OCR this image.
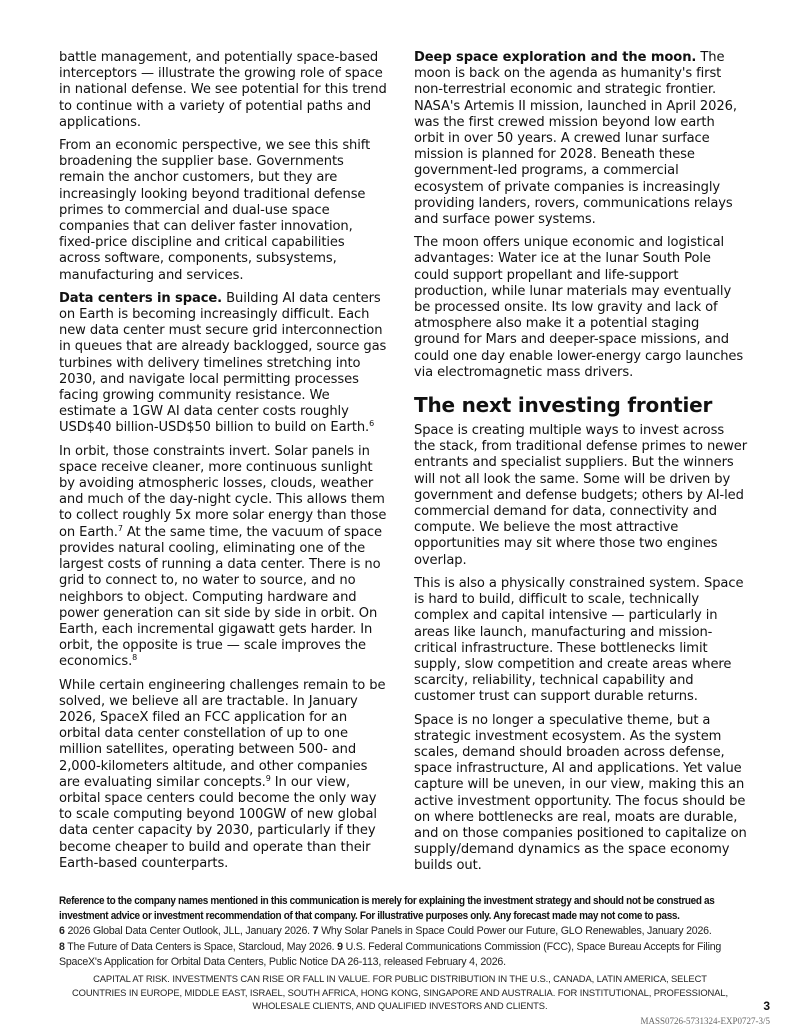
battle management, and potentially space-based interceptors — illustrate the growing role of space in national defense. We see potential for this trend to continue with a variety of potential paths and applications.

From an economic perspective, we see this shift broadening the supplier base. Governments remain the anchor customers, but they are increasingly looking beyond traditional defense primes to commercial and dual-use space companies that can deliver faster innovation, fixed-price discipline and critical capabilities across software, components, subsystems, manufacturing and services.

Data centers in space. Building AI data centers on Earth is becoming increasingly difficult. Each new data center must secure grid interconnection in queues that are already backlogged, source gas turbines with delivery timelines stretching into 2030, and navigate local permitting processes facing growing community resistance. We estimate a 1GW AI data center costs roughly USD$40 billion-USD$50 billion to build on Earth.$^6$

In orbit, those constraints invert. Solar panels in space receive cleaner, more continuous sunlight by avoiding atmospheric losses, clouds, weather and much of the day-night cycle. This allows them to collect roughly 5x more solar energy than those on Earth.$^7$ At the same time, the vacuum of space provides natural cooling, eliminating one of the largest costs of running a data center. There is no grid to connect to, no water to source, and no neighbors to object. Computing hardware and power generation can sit side by side in orbit. On Earth, each incremental gigawatt gets harder. In orbit, the opposite is true — scale improves the economics.$^8$

While certain engineering challenges remain to be solved, we believe all are tractable. In January 2026, SpaceX filed an FCC application for an orbital data center constellation of up to one million satellites, operating between 500- and 2,000-kilometers altitude, and other companies are evaluating similar concepts.$^9$ In our view, orbital space centers could become the only way to scale computing beyond 100GW of new global data center capacity by 2030, particularly if they become cheaper to build and operate than their Earth-based counterparts.

Deep space exploration and the moon. The moon is back on the agenda as humanity's first non-terrestrial economic and strategic frontier. NASA's Artemis II mission, launched in April 2026, was the first crewed mission beyond low earth orbit in over 50 years. A crewed lunar surface mission is planned for 2028. Beneath these government-led programs, a commercial ecosystem of private companies is increasingly providing landers, rovers, communications relays and surface power systems.

The moon offers unique economic and logistical advantages: Water ice at the lunar South Pole could support propellant and life-support production, while lunar materials may eventually be processed onsite. Its low gravity and lack of atmosphere also make it a potential staging ground for Mars and deeper-space missions, and could one day enable lower-energy cargo launches via electromagnetic mass drivers.

The next investing frontier

Space is creating multiple ways to invest across the stack, from traditional defense primes to newer entrants and specialist suppliers. But the winners will not all look the same. Some will be driven by government and defense budgets; others by AI-led commercial demand for data, connectivity and compute. We believe the most attractive opportunities may sit where those two engines overlap.

This is also a physically constrained system. Space is hard to build, difficult to scale, technically complex and capital intensive — particularly in areas like launch, manufacturing and mission-critical infrastructure. These bottlenecks limit supply, slow competition and create areas where scarcity, reliability, technical capability and customer trust can support durable returns.

Space is no longer a speculative theme, but a strategic investment ecosystem. As the system scales, demand should broaden across defense, space infrastructure, AI and applications. Yet value capture will be uneven, in our view, making this an active investment opportunity. The focus should be on where bottlenecks are real, moats are durable, and on those companies positioned to capitalize on supply/demand dynamics as the space economy builds out.

Reference to the company names mentioned in this communication is merely for explaining the investment strategy and should not be construed as investment advice or investment recommendation of that company. For illustrative purposes only. Any forecast made may not come to pass.
6 2026 Global Data Center Outlook, JLL, January 2026. 7 Why Solar Panels in Space Could Power our Future, GLO Renewables, January 2026.
8 The Future of Data Centers is Space, Starcloud, May 2026. 9 U.S. Federal Communications Commission (FCC), Space Bureau Accepts for Filing SpaceX's Application for Orbital Data Centers, Public Notice DA 26-113, released February 4, 2026.
CAPITAL AT RISK. INVESTMENTS CAN RISE OR FALL IN VALUE. FOR PUBLIC DISTRIBUTION IN THE U.S., CANADA, LATIN AMERICA, SELECT COUNTRIES IN EUROPE, MIDDLE EAST, ISRAEL, SOUTH AFRICA, HONG KONG, SINGAPORE AND AUSTRALIA. FOR INSTITUTIONAL, PROFESSIONAL, WHOLESALE CLIENTS, AND QUALIFIED INVESTORS AND CLIENTS.	3
MASS0726-5731324-EXP0727-3/5
